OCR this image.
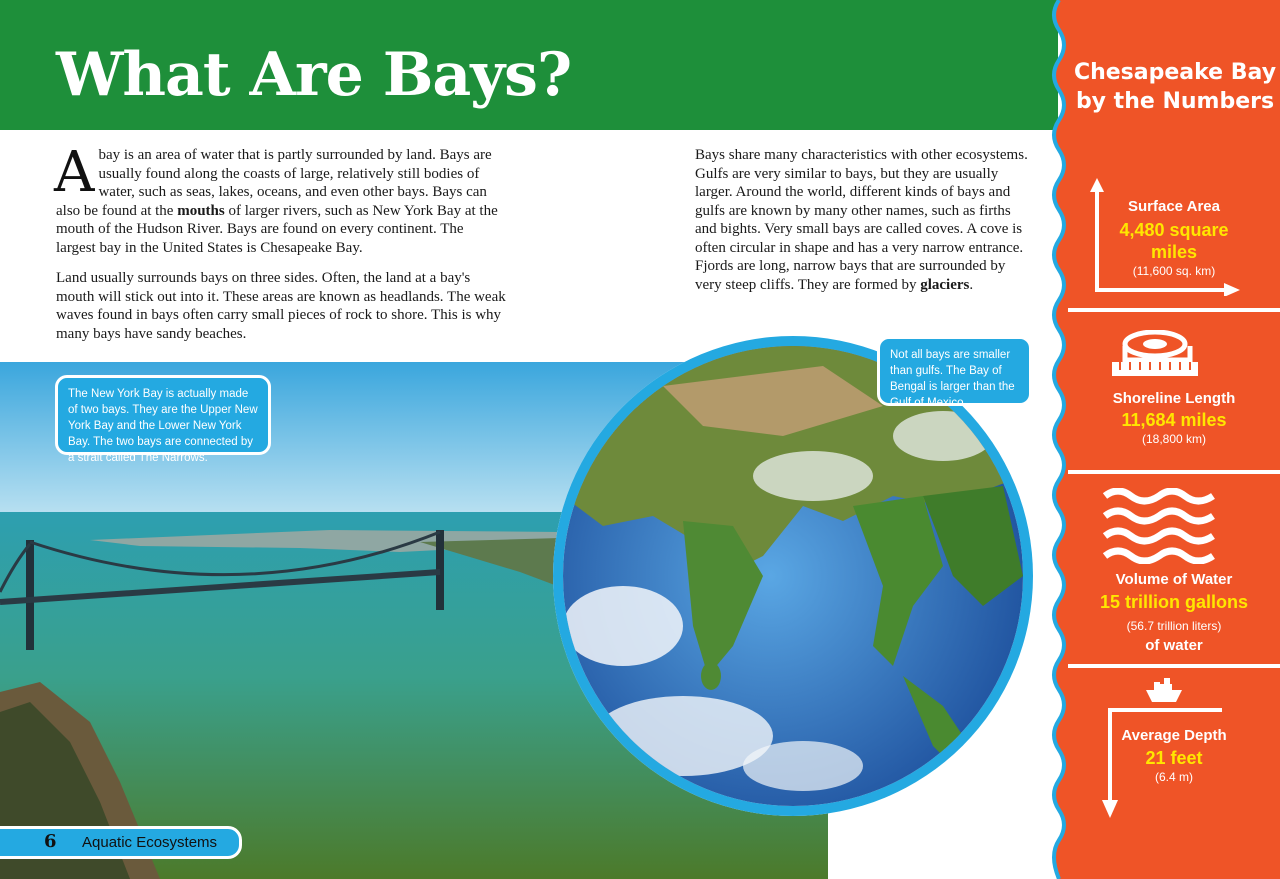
What Are Bays?

Abay is an area of water that is partly surrounded by land. Bays are usually found along the coasts of large, relatively still bodies of water, such as seas, lakes, oceans, and even other bays. Bays can also be found at the mouths of larger rivers, such as New York Bay at the mouth of the Hudson River. Bays are found on every continent. The largest bay in the United States is Chesapeake Bay.

Land usually surrounds bays on three sides. Often, the land at a bay's mouth will stick out into it. These areas are known as headlands. The weak waves found in bays often carry small pieces of rock to shore. This is why many bays have sandy beaches.

Bays share many characteristics with other ecosystems. Gulfs are very similar to bays, but they are usually larger. Around the world, different kinds of bays and gulfs are known by many other names, such as firths and bights. Very small bays are called coves. A cove is often circular in shape and has a very narrow entrance. Fjords are long, narrow bays that are surrounded by very steep cliffs. They are formed by glaciers.

The New York Bay is actually made of two bays. They are the Upper New York Bay and the Lower New York Bay. The two bays are connected by a strait called The Narrows.
Not all bays are smaller than gulfs. The Bay of Bengal is larger than the Gulf of Mexico.
6 Aquatic Ecosystems
Chesapeake Bay by the Numbers
Surface Area
4,480 square miles
(11,600 sq. km)
Shoreline Length
11,684 miles
(18,800 km)
Volume of Water
15 trillion gallons
(56.7 trillion liters)
of water
Average Depth
21 feet
(6.4 m)
